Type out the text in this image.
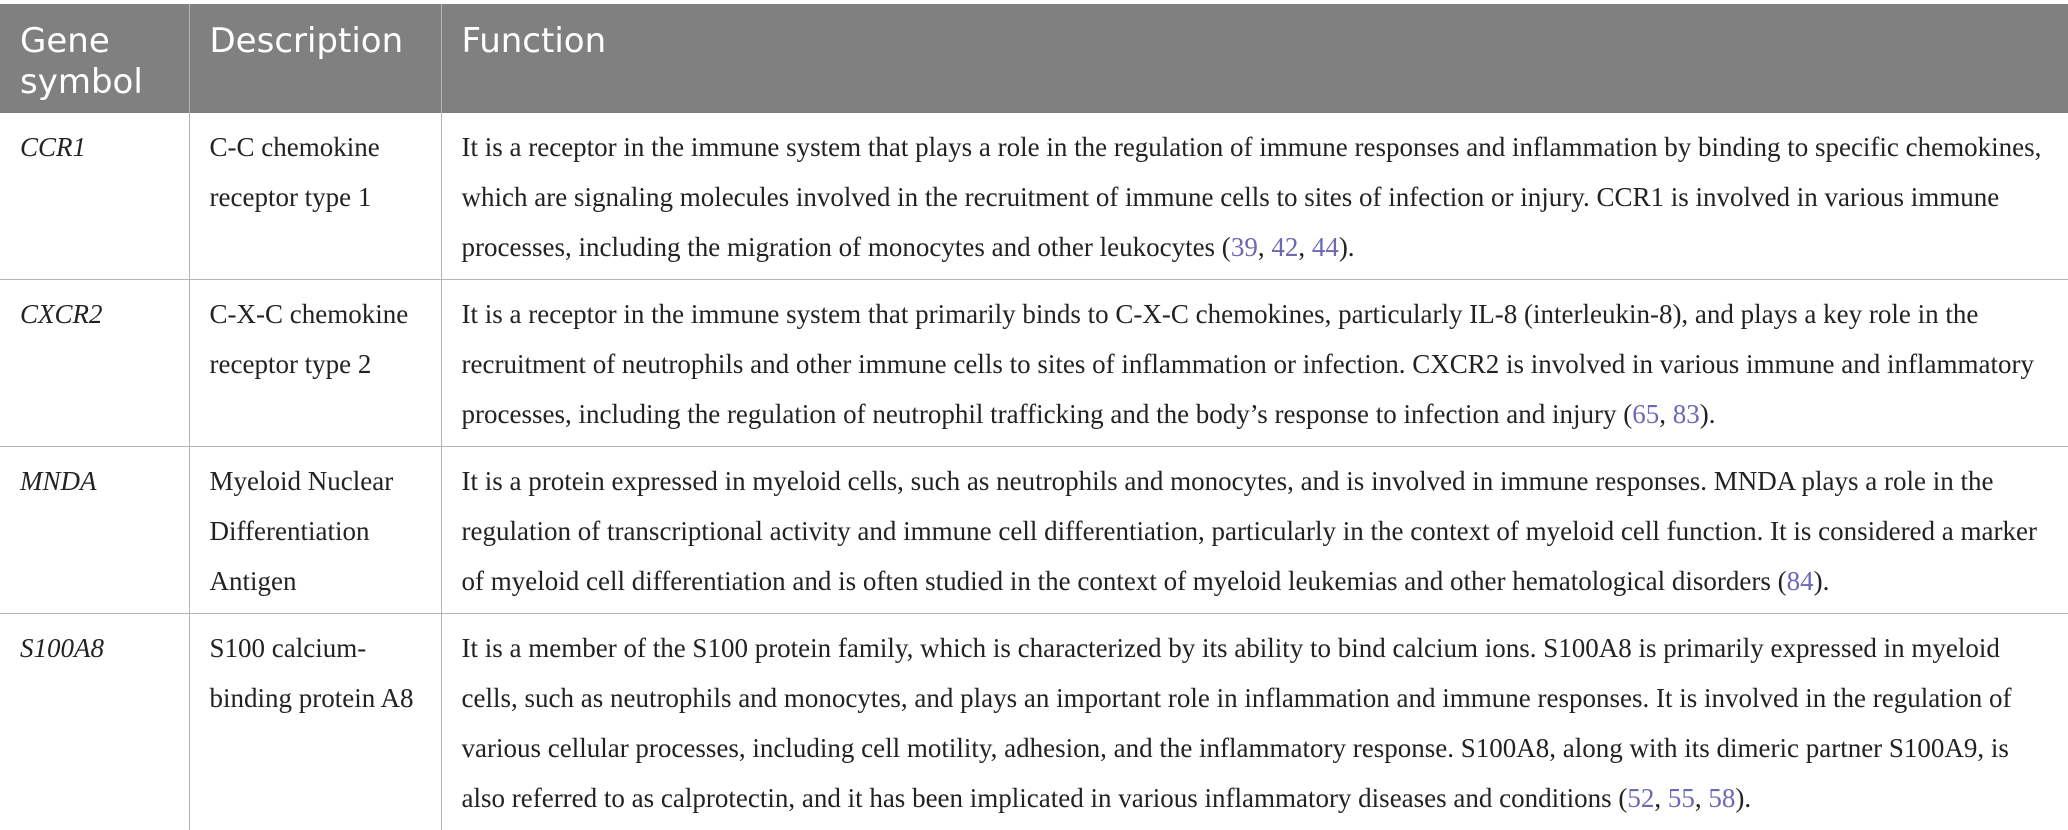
Gene symbol	Description	Function
CCR1	C-C chemokine receptor type 1	It is a receptor in the immune system that plays a role in the regulation of immune responses and inflammation by binding to specific chemokines, which are signaling molecules involved in the recruitment of immune cells to sites of infection or injury. CCR1 is involved in various immune processes, including the migration of monocytes and other leukocytes (39, 42, 44).
CXCR2	C-X-C chemokine receptor type 2	It is a receptor in the immune system that primarily binds to C-X-C chemokines, particularly IL-8 (interleukin-8), and plays a key role in the recruitment of neutrophils and other immune cells to sites of inflammation or infection. CXCR2 is involved in various immune and inflammatory processes, including the regulation of neutrophil trafficking and the body’s response to infection and injury (65, 83).
MNDA	Myeloid Nuclear Differentiation Antigen	It is a protein expressed in myeloid cells, such as neutrophils and monocytes, and is involved in immune responses. MNDA plays a role in the regulation of transcriptional activity and immune cell differentiation, particularly in the context of myeloid cell function. It is considered a marker of myeloid cell differentiation and is often studied in the context of myeloid leukemias and other hematological disorders (84).
S100A8	S100 calcium-binding protein A8	It is a member of the S100 protein family, which is characterized by its ability to bind calcium ions. S100A8 is primarily expressed in myeloid cells, such as neutrophils and monocytes, and plays an important role in inflammation and immune responses. It is involved in the regulation of various cellular processes, including cell motility, adhesion, and the inflammatory response. S100A8, along with its dimeric partner S100A9, is also referred to as calprotectin, and it has been implicated in various inflammatory diseases and conditions (52, 55, 58).
